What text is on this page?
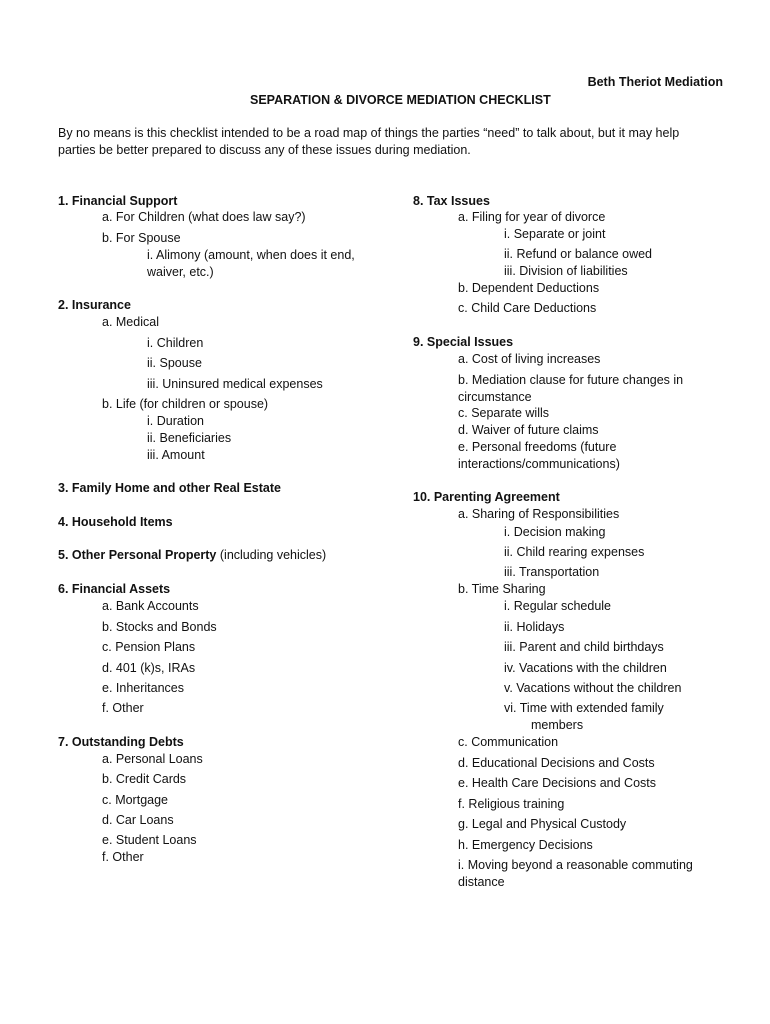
Beth Theriot Mediation
SEPARATION & DIVORCE MEDIATION CHECKLIST
By no means is this checklist intended to be a road map of things the parties “need” to talk about, but it may help parties be better prepared to discuss any of these issues during mediation.
1. Financial Support
a. For Children (what does law say?)
b. For Spouse
i. Alimony (amount, when does it end,
waiver, etc.)
2. Insurance
a. Medical
i. Children
ii. Spouse
iii. Uninsured medical expenses
b. Life (for children or spouse)
i. Duration
ii. Beneficiaries
iii. Amount
3. Family Home and other Real Estate
4. Household Items
5. Other Personal Property (including vehicles)
6. Financial Assets
a. Bank Accounts
b. Stocks and Bonds
c. Pension Plans
d. 401 (k)s, IRAs
e. Inheritances
f. Other
7. Outstanding Debts
a. Personal Loans
b. Credit Cards
c. Mortgage
d. Car Loans
e. Student Loans
f. Other
8. Tax Issues
a. Filing for year of divorce
i. Separate or joint
ii. Refund or balance owed
iii. Division of liabilities
b. Dependent Deductions
c. Child Care Deductions
9. Special Issues
a. Cost of living increases
b. Mediation clause for future changes in
circumstance
c. Separate wills
d. Waiver of future claims
e. Personal freedoms (future
interactions/communications)
10. Parenting Agreement
a. Sharing of Responsibilities
i. Decision making
ii. Child rearing expenses
iii. Transportation
b. Time Sharing
i. Regular schedule
ii. Holidays
iii. Parent and child birthdays
iv. Vacations with the children
v. Vacations without the children
vi. Time with extended family
members
c. Communication
d. Educational Decisions and Costs
e. Health Care Decisions and Costs
f. Religious training
g. Legal and Physical Custody
h. Emergency Decisions
i. Moving beyond a reasonable commuting
distance
